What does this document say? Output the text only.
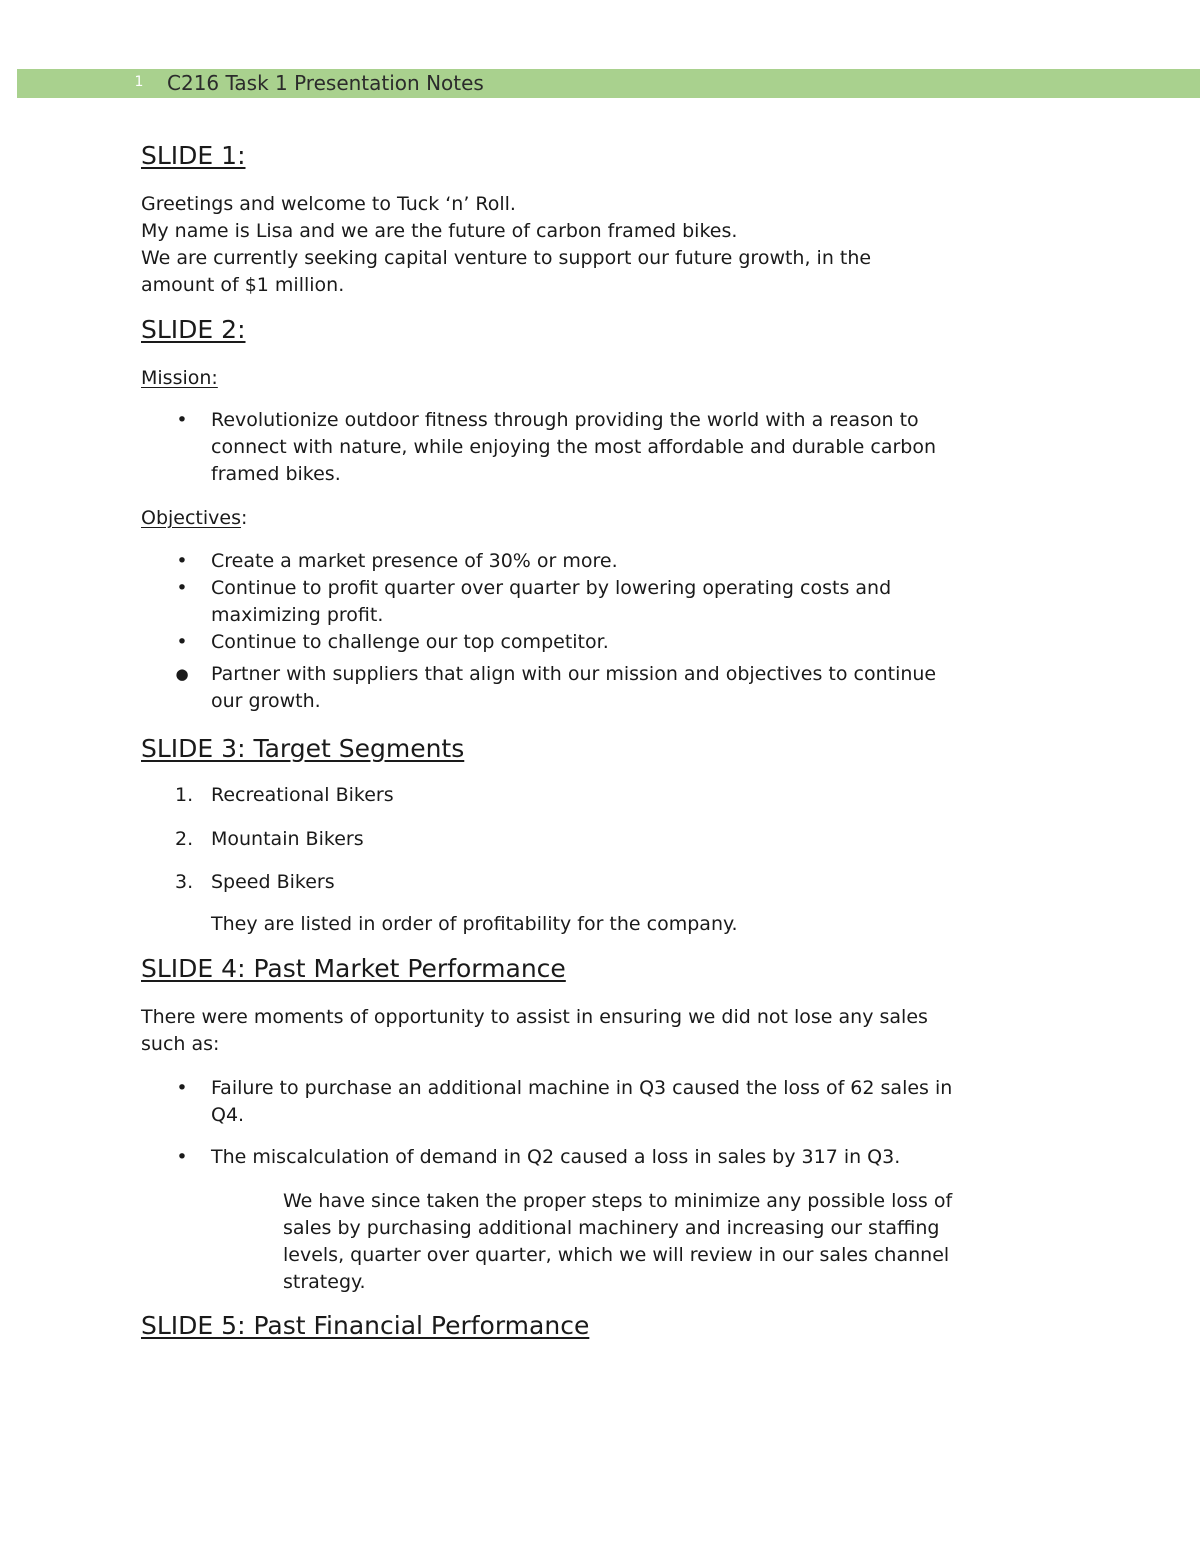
1	C216 Task 1 Presentation Notes
SLIDE 1:

Greetings and welcome to Tuck ‘n’ Roll.
My name is Lisa and we are the future of carbon framed bikes.
We are currently seeking capital venture to support our future growth, in the
amount of $1 million.

SLIDE 2:

Mission:

• Revolutionize outdoor fitness through providing the world with a reason to
connect with nature, while enjoying the most affordable and durable carbon
framed bikes.

Objectives:

• Create a market presence of 30% or more.
• Continue to profit quarter over quarter by lowering operating costs and
maximizing profit.
• Continue to challenge our top competitor.
● Partner with suppliers that align with our mission and objectives to continue
our growth.
SLIDE 3: Target Segments
1. Recreational Bikers
2. Mountain Bikers
3. Speed Bikers

They are listed in order of profitability for the company.

SLIDE 4: Past Market Performance

There were moments of opportunity to assist in ensuring we did not lose any sales
such as:

• Failure to purchase an additional machine in Q3 caused the loss of 62 sales in
Q4.
• The miscalculation of demand in Q2 caused a loss in sales by 317 in Q3.

We have since taken the proper steps to minimize any possible loss of
sales by purchasing additional machinery and increasing our staffing
levels, quarter over quarter, which we will review in our sales channel
strategy.

SLIDE 5: Past Financial Performance
